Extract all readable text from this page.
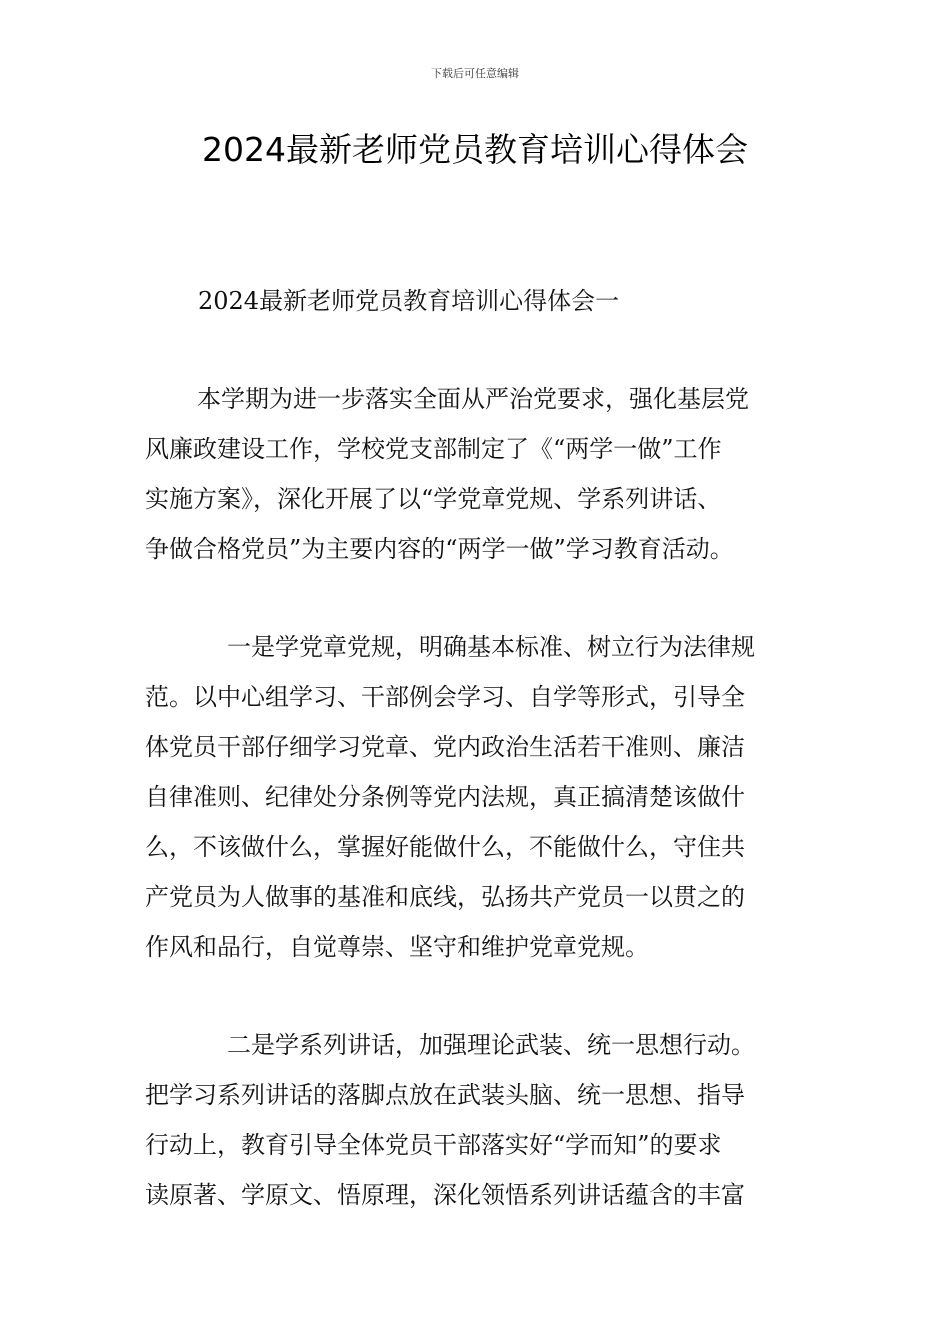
下载后可任意编辑
2024最新老师党员教育培训心得体会
2024最新老师党员教育培训心得体会一
本学期为进一步落实全面从严治党要求，强化基层党
风廉政建设工作，学校党支部制定了《“两学一做”工作
实施方案》，深化开展了以“学党章党规、学系列讲话、
争做合格党员”为主要内容的“两学一做”学习教育活动。
一是学党章党规，明确基本标准、树立行为法律规
范。以中心组学习、干部例会学习、自学等形式，引导全
体党员干部仔细学习党章、党内政治生活若干准则、廉洁
自律准则、纪律处分条例等党内法规，真正搞清楚该做什
么，不该做什么，掌握好能做什么，不能做什么，守住共
产党员为人做事的基准和底线，弘扬共产党员一以贯之的
作风和品行，自觉尊崇、坚守和维护党章党规。
二是学系列讲话，加强理论武装、统一思想行动。
把学习系列讲话的落脚点放在武装头脑、统一思想、指导
行动上，教育引导全体党员干部落实好“学而知”的要求
读原著、学原文、悟原理，深化领悟系列讲话蕴含的丰富
